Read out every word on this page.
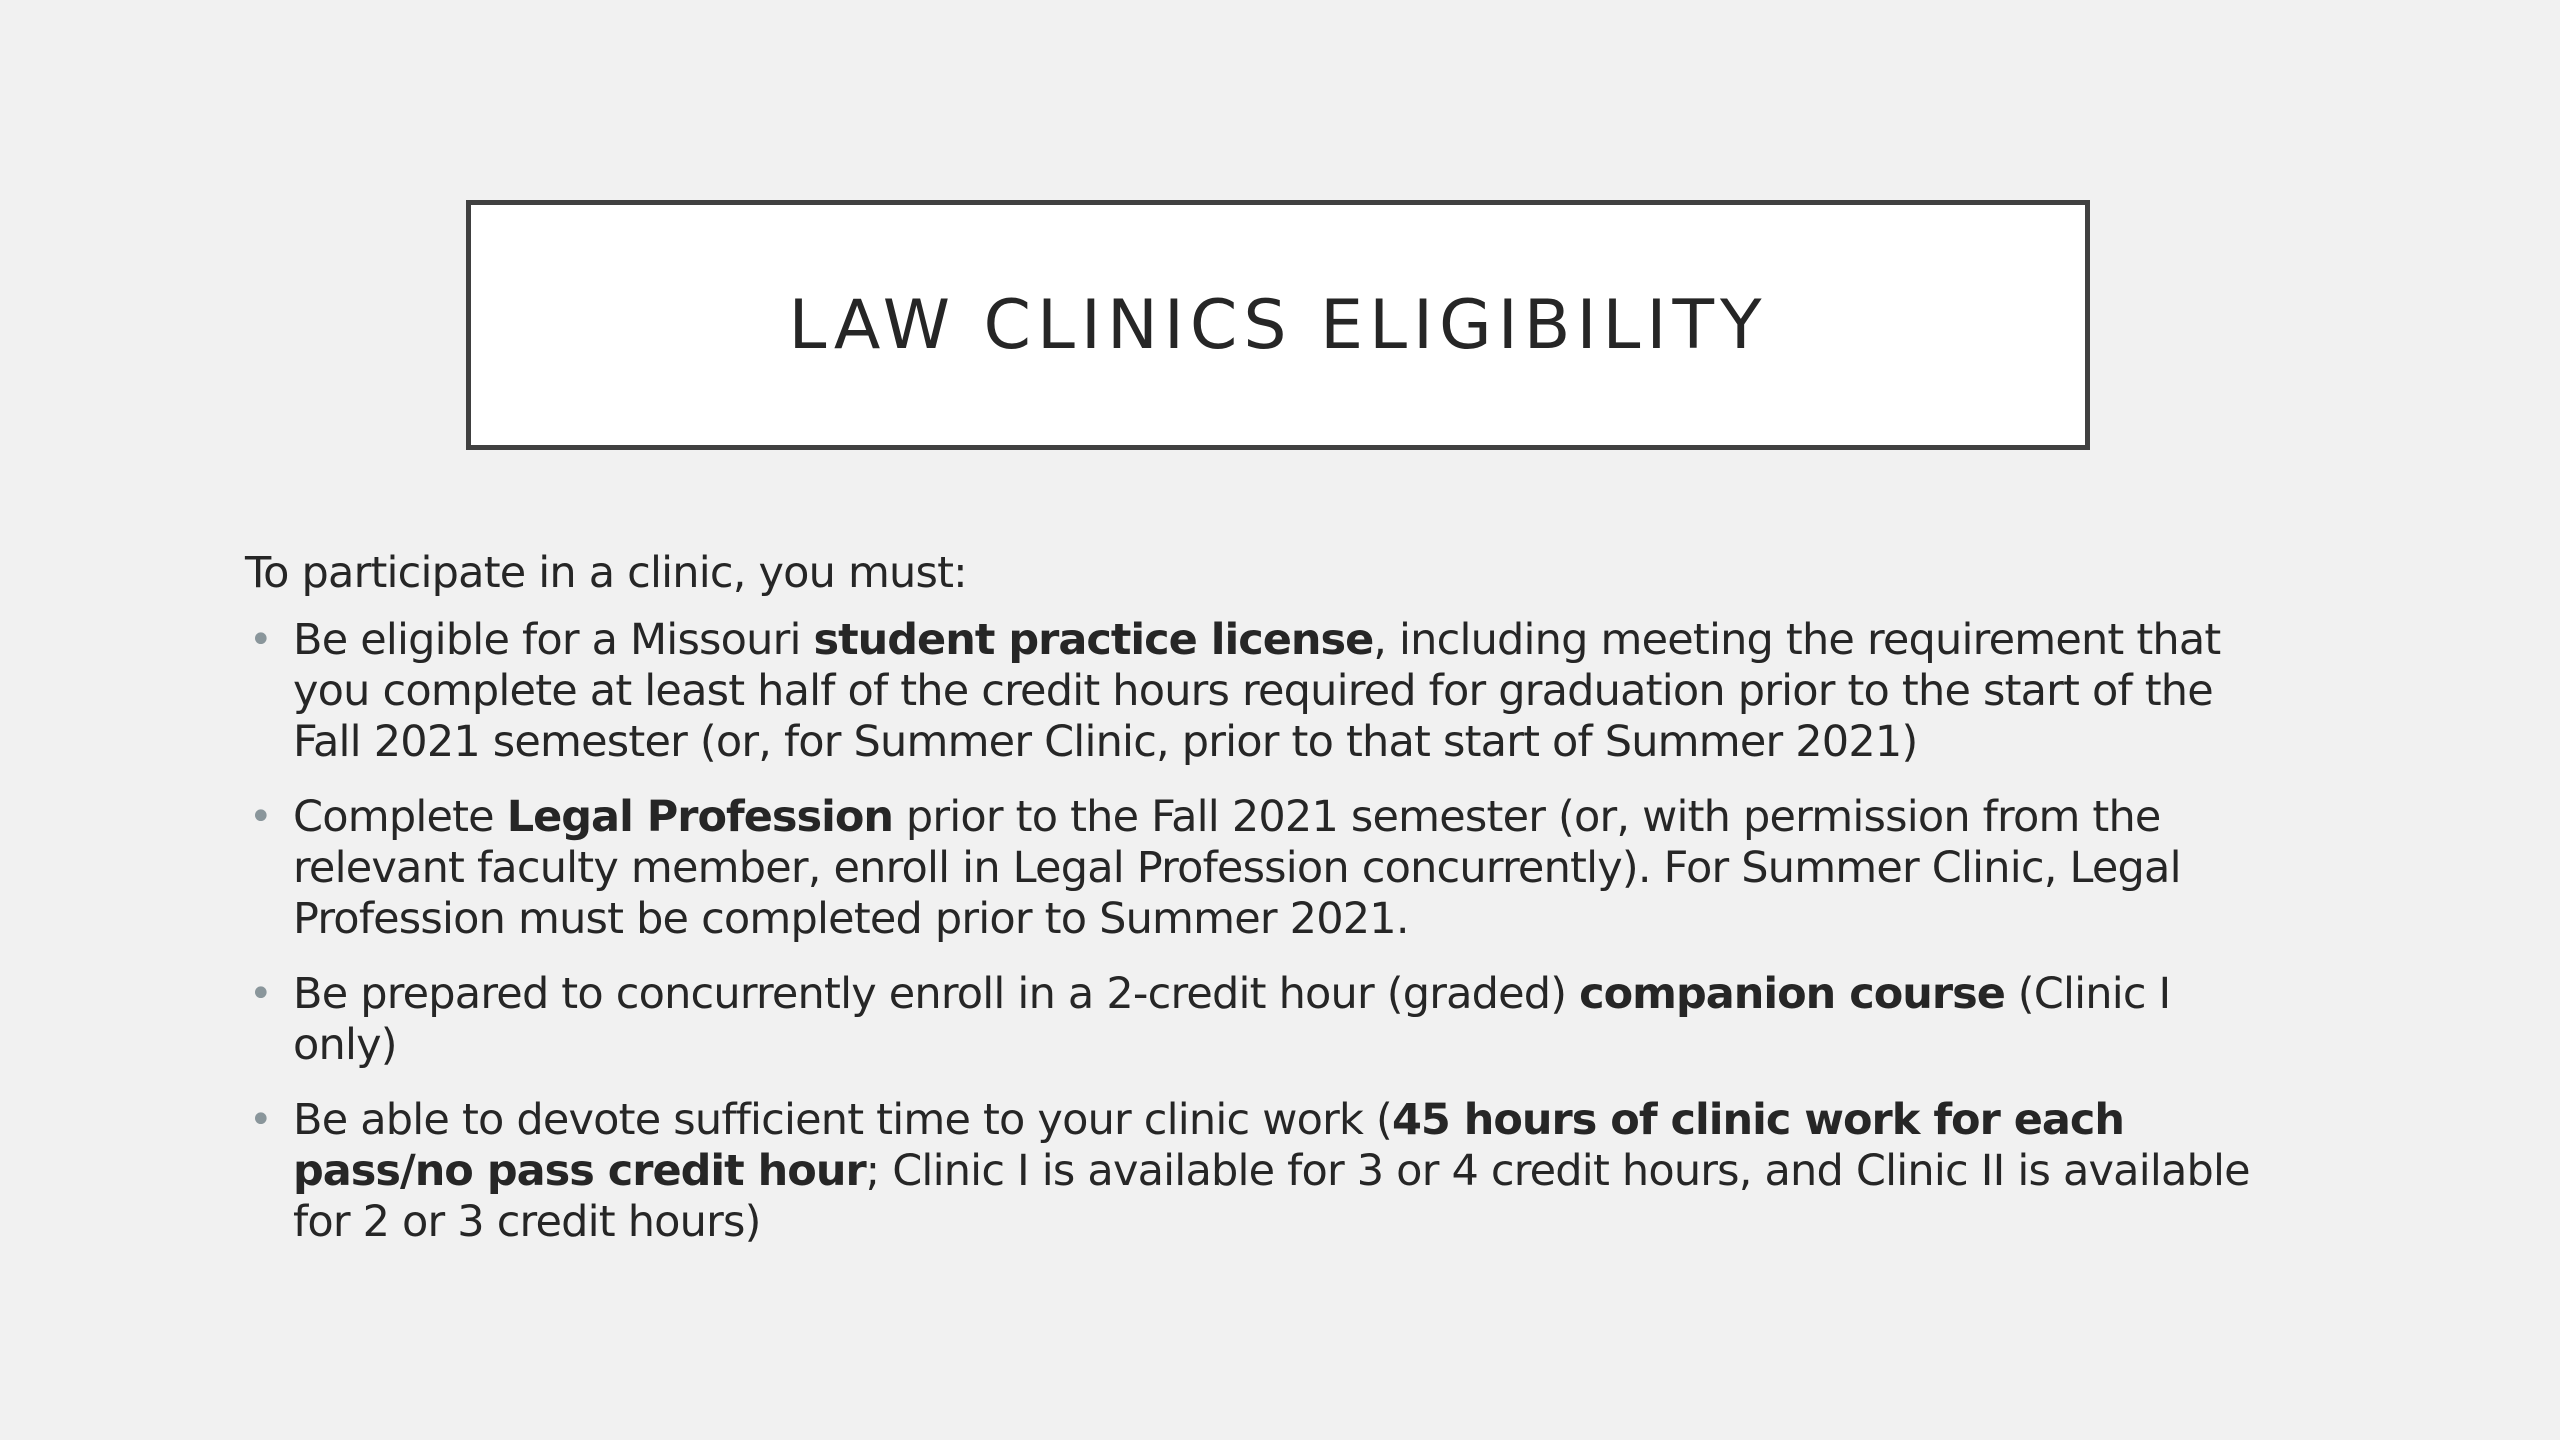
LAW CLINICS ELIGIBILITY

To participate in a clinic, you must:

• Be eligible for a Missouri student practice license, including meeting the requirement that
you complete at least half of the credit hours required for graduation prior to the start of the
Fall 2021 semester (or, for Summer Clinic, prior to that start of Summer 2021)
• Complete Legal Profession prior to the Fall 2021 semester (or, with permission from the
relevant faculty member, enroll in Legal Profession concurrently). For Summer Clinic, Legal
Profession must be completed prior to Summer 2021.
• Be prepared to concurrently enroll in a 2-credit hour (graded) companion course (Clinic I
only)
• Be able to devote sufficient time to your clinic work (45 hours of clinic work for each
pass/no pass credit hour; Clinic I is available for 3 or 4 credit hours, and Clinic II is available
for 2 or 3 credit hours)
